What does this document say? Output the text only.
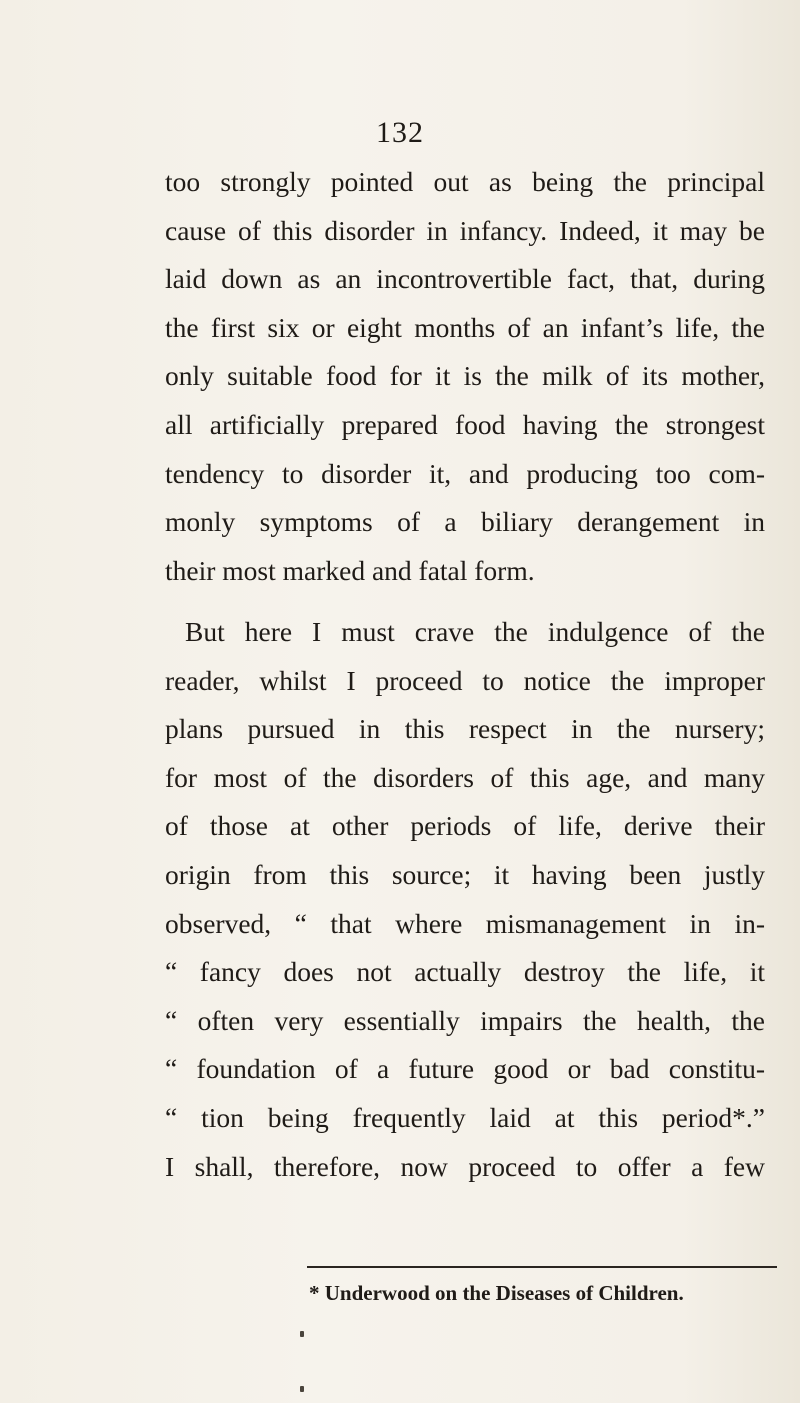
132
too strongly pointed out as being the principal
cause of this disorder in infancy. Indeed, it may be
laid down as an incontrovertible fact, that, during
the first six or eight months of an infant’s life, the
only suitable food for it is the milk of its mother,
all artificially prepared food having the strongest
tendency to disorder it, and producing too com-
monly symptoms of a biliary derangement in
their most marked and fatal form.
But here I must crave the indulgence of the
reader, whilst I proceed to notice the improper
plans pursued in this respect in the nursery;
for most of the disorders of this age, and many
of those at other periods of life, derive their
origin from this source; it having been justly
observed, “ that where mismanagement in in-
“ fancy does not actually destroy the life, it
“ often very essentially impairs the health, the
“ foundation of a future good or bad constitu-
“ tion being frequently laid at this period*.”
I shall, therefore, now proceed to offer a few
* Underwood on the Diseases of Children.
